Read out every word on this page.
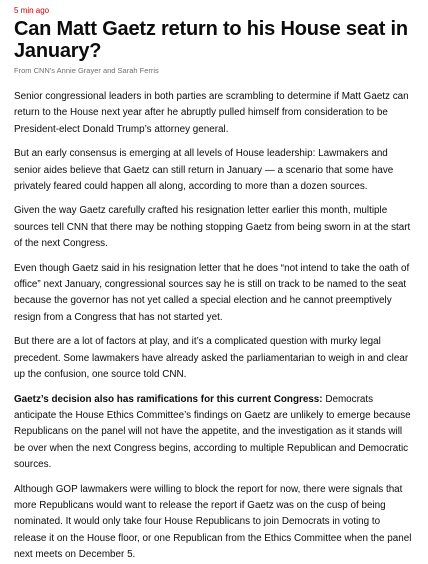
5 min ago
Can Matt Gaetz return to his House seat in January?
From CNN's Annie Grayer and Sarah Ferris

Senior congressional leaders in both parties are scrambling to determine if Matt Gaetz can return to the House next year after he abruptly pulled himself from consideration to be President-elect Donald Trump’s attorney general.

But an early consensus is emerging at all levels of House leadership: Lawmakers and senior aides believe that Gaetz can still return in January — a scenario that some have privately feared could happen all along, according to more than a dozen sources.

Given the way Gaetz carefully crafted his resignation letter earlier this month, multiple sources tell CNN that there may be nothing stopping Gaetz from being sworn in at the start of the next Congress.

Even though Gaetz said in his resignation letter that he does “not intend to take the oath of office” next January, congressional sources say he is still on track to be named to the seat because the governor has not yet called a special election and he cannot preemptively resign from a Congress that has not started yet.

But there are a lot of factors at play, and it’s a complicated question with murky legal precedent. Some lawmakers have already asked the parliamentarian to weigh in and clear up the confusion, one source told CNN.

Gaetz’s decision also has ramifications for this current Congress: Democrats anticipate the House Ethics Committee’s findings on Gaetz are unlikely to emerge because Republicans on the panel will not have the appetite, and the investigation as it stands will be over when the next Congress begins, according to multiple Republican and Democratic sources.

Although GOP lawmakers were willing to block the report for now, there were signals that more Republicans would want to release the report if Gaetz was on the cusp of being nominated. It would only take four House Republicans to join Democrats in voting to release it on the House floor, or one Republican from the Ethics Committee when the panel next meets on December 5.
